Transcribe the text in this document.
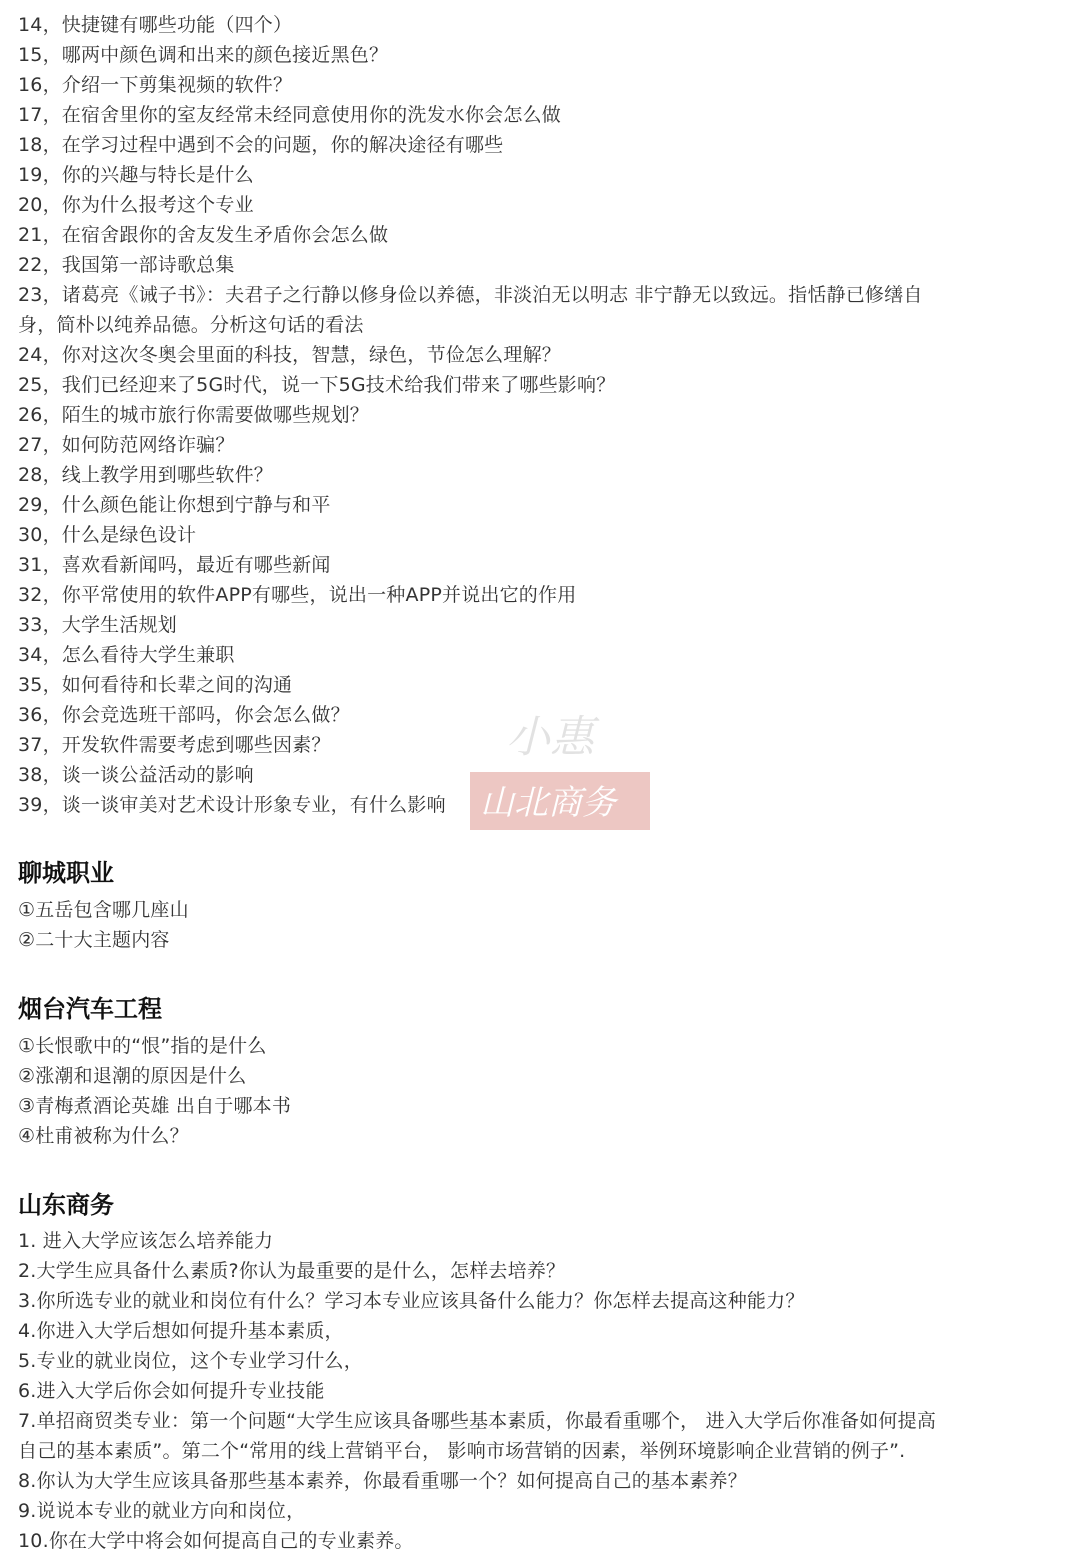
14，快捷键有哪些功能（四个）
15，哪两中颜色调和出来的颜色接近黑色？
16，介绍一下剪集视频的软件？
17，在宿舍里你的室友经常未经同意使用你的洗发水你会怎么做
18，在学习过程中遇到不会的问题，你的解决途径有哪些
19，你的兴趣与特长是什么
20，你为什么报考这个专业
21，在宿舍跟你的舍友发生矛盾你会怎么做
22，我国第一部诗歌总集
23，诸葛亮《诫子书》：夫君子之行静以修身俭以养德，非淡泊无以明志 非宁静无以致远。指恬静已修缮自
身，简朴以纯养品德。分析这句话的看法
24，你对这次冬奥会里面的科技，智慧，绿色，节俭怎么理解？
25，我们已经迎来了5G时代，说一下5G技术给我们带来了哪些影响？
26，陌生的城市旅行你需要做哪些规划？
27，如何防范网络诈骗？
28，线上教学用到哪些软件？
29，什么颜色能让你想到宁静与和平
30，什么是绿色设计
31，喜欢看新闻吗，最近有哪些新闻
32，你平常使用的软件APP有哪些，说出一种APP并说出它的作用
33，大学生活规划
34，怎么看待大学生兼职
35，如何看待和长辈之间的沟通
36，你会竞选班干部吗，你会怎么做？
37，开发软件需要考虑到哪些因素？
38，谈一谈公益活动的影响
39，谈一谈审美对艺术设计形象专业，有什么影响
小惠
山北商务
聊城职业
①五岳包含哪几座山
②二十大主题内容
烟台汽车工程
①长恨歌中的“恨”指的是什么
②涨潮和退潮的原因是什么
③青梅煮酒论英雄 出自于哪本书
④杜甫被称为什么？
山东商务
1. 进入大学应该怎么培养能力
2.大学生应具备什么素质?你认为最重要的是什么，怎样去培养？
3.你所选专业的就业和岗位有什么？学习本专业应该具备什么能力？你怎样去提高这种能力？
4.你进入大学后想如何提升基本素质，
5.专业的就业岗位，这个专业学习什么，
6.进入大学后你会如何提升专业技能
7.单招商贸类专业：第一个问题“大学生应该具备哪些基本素质，你最看重哪个， 进入大学后你准备如何提高
自己的基本素质”。第二个“常用的线上营销平台， 影响市场营销的因素，举例环境影响企业营销的例子”.
8.你认为大学生应该具备那些基本素养，你最看重哪一个？如何提高自己的基本素养？
9.说说本专业的就业方向和岗位，
10.你在大学中将会如何提高自己的专业素养。
